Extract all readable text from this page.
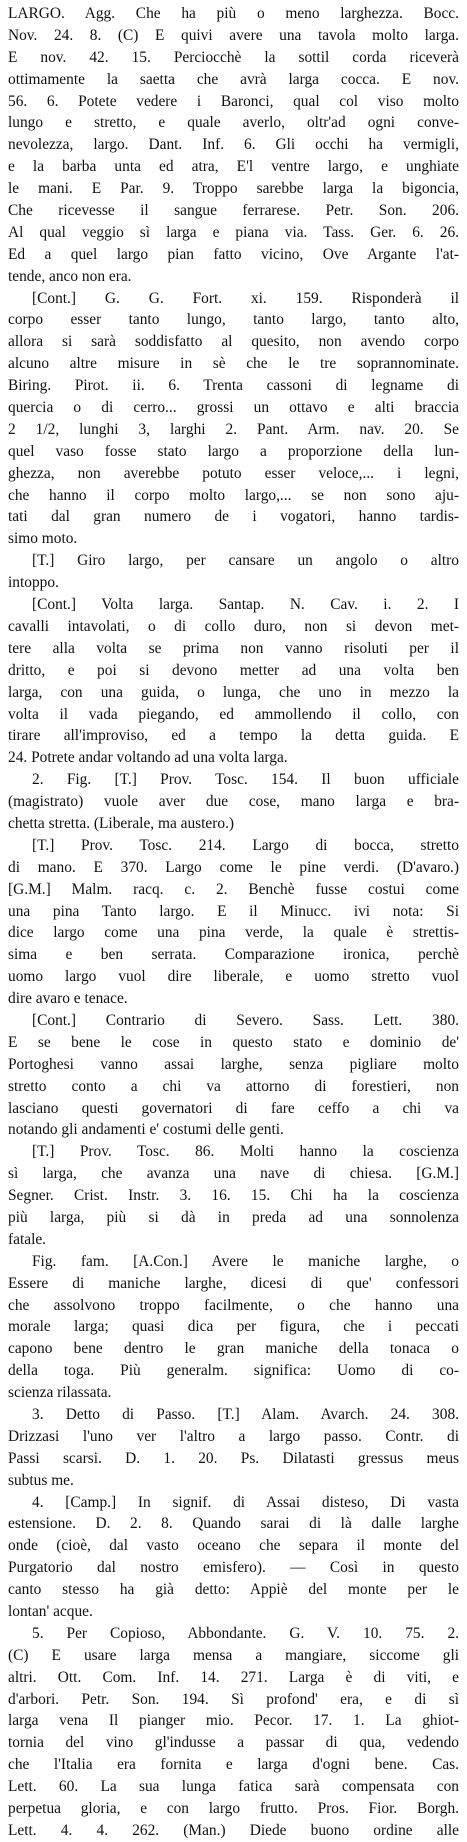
LARGO. Agg. Che ha più o meno larghezza. Bocc.
Nov. 24. 8. (C) E quivi avere una tavola molto larga.
E nov. 42. 15. Perciocchè la sottil corda riceverà
ottimamente la saetta che avrà larga cocca. E nov.
56. 6. Potete vedere i Baronci, qual col viso molto
lungo e stretto, e quale averlo, oltr'ad ogni conve-
nevolezza, largo. Dant. Inf. 6. Gli occhi ha vermigli,
e la barba unta ed atra, E'l ventre largo, e unghiate
le mani. E Par. 9. Troppo sarebbe larga la bigoncia,
Che ricevesse il sangue ferrarese. Petr. Son. 206.
Al qual veggio sì larga e piana via. Tass. Ger. 6. 26.
Ed a quel largo pian fatto vicino, Ove Argante l'at-
tende, anco non era.
[Cont.] G. G. Fort. xi. 159. Risponderà il
corpo esser tanto lungo, tanto largo, tanto alto,
allora si sarà soddisfatto al quesito, non avendo corpo
alcuno altre misure in sè che le tre soprannominate.
Biring. Pirot. ii. 6. Trenta cassoni di legname di
quercia o di cerro... grossi un ottavo e alti braccia
2 1/2, lunghi 3, larghi 2. Pant. Arm. nav. 20. Se
quel vaso fosse stato largo a proporzione della lun-
ghezza, non averebbe potuto esser veloce,... i legni,
che hanno il corpo molto largo,... se non sono aju-
tati dal gran numero de i vogatori, hanno tardis-
simo moto.
[T.] Giro largo, per cansare un angolo o altro
intoppo.
[Cont.] Volta larga. Santap. N. Cav. i. 2. I
cavalli intavolati, o di collo duro, non si devon met-
tere alla volta se prima non vanno risoluti per il
dritto, e poi si devono metter ad una volta ben
larga, con una guida, o lunga, che uno in mezzo la
volta il vada piegando, ed ammollendo il collo, con
tirare all'improviso, ed a tempo la detta guida. E
24. Potrete andar voltando ad una volta larga.
2. Fig. [T.] Prov. Tosc. 154. Il buon ufficiale
(magistrato) vuole aver due cose, mano larga e bra-
chetta stretta. (Liberale, ma austero.)
[T.] Prov. Tosc. 214. Largo di bocca, stretto
di mano. E 370. Largo come le pine verdi. (D'avaro.)
[G.M.] Malm. racq. c. 2. Benchè fusse costui come
una pina Tanto largo. E il Minucc. ivi nota: Si
dice largo come una pina verde, la quale è strettis-
sima e ben serrata. Comparazione ironica, perchè
uomo largo vuol dire liberale, e uomo stretto vuol
dire avaro e tenace.
[Cont.] Contrario di Severo. Sass. Lett. 380.
E se bene le cose in questo stato e dominio de'
Portoghesi vanno assai larghe, senza pigliare molto
stretto conto a chi va attorno di forestieri, non
lasciano questi governatori di fare ceffo a chi va
notando gli andamenti e' costumi delle genti.
[T.] Prov. Tosc. 86. Molti hanno la coscienza
sì larga, che avanza una nave di chiesa. [G.M.]
Segner. Crist. Instr. 3. 16. 15. Chi ha la coscienza
più larga, più si dà in preda ad una sonnolenza
fatale.
Fig. fam. [A.Con.] Avere le maniche larghe, o
Essere di maniche larghe, dicesi di que' confessori
che assolvono troppo facilmente, o che hanno una
morale larga; quasi dica per figura, che i peccati
capono bene dentro le gran maniche della tonaca o
della toga. Più generalm. significa: Uomo di co-
scienza rilassata.
3. Detto di Passo. [T.] Alam. Avarch. 24. 308.
Drizzasi l'uno ver l'altro a largo passo. Contr. di
Passi scarsi. D. 1. 20. Ps. Dilatasti gressus meus
subtus me.
4. [Camp.] In signif. di Assai disteso, Di vasta
estensione. D. 2. 8. Quando sarai di là dalle larghe
onde (cioè, dal vasto oceano che separa il monte del
Purgatorio dal nostro emisfero). — Così in questo
canto stesso ha già detto: Appiè del monte per le
lontan' acque.
5. Per Copioso, Abbondante. G. V. 10. 75. 2.
(C) E usare larga mensa a mangiare, siccome gli
altri. Ott. Com. Inf. 14. 271. Larga è di viti, e
d'arbori. Petr. Son. 194. Sì profond' era, e di sì
larga vena Il pianger mio. Pecor. 17. 1. La ghiot-
tornia del vino gl'indusse a passar di qua, vedendo
che l'Italia era fornita e larga d'ogni bene. Cas.
Lett. 60. La sua lunga fatica sarà compensata con
perpetua gloria, e con largo frutto. Pros. Fior. Borgh.
Lett. 4. 4. 262. (Man.) Diede buono ordine alle
